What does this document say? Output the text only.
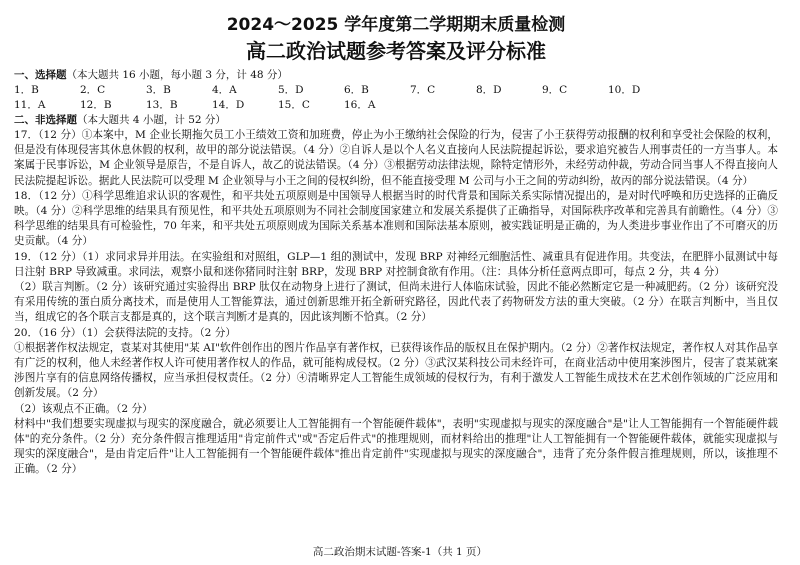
2024～2025 学年度第二学期期末质量检测
高二政治试题参考答案及评分标准
一、选择题（本大题共 16 小题，每小题 3 分，计 48 分）
1．B	2．C	3．B	4．A	5．D	6．B	7．C	8．D	9．C	10．D
11．A	12．B	13．B	14．D	15．C	16．A
二、非选择题（本大题共 4 小题，计 52 分）

17．（12 分）①本案中，M 企业长期拖欠员工小王绩效工资和加班费，停止为小王缴纳社会保险的行为，侵害了小王获得劳动报酬的权利和享受社会保险的权利，但是没有体现侵害其休息休假的权利，故甲的部分说法错误。（4 分）②自诉人是以个人名义直接向人民法院提起诉讼，要求追究被告人刑事责任的一方当事人。本案属于民事诉讼，M 企业领导是原告，不是自诉人，故乙的说法错误。（4 分）③根据劳动法律法规，除特定情形外，未经劳动仲裁，劳动合同当事人不得直接向人民法院提起诉讼。据此人民法院可以受理 M 企业领导与小王之间的侵权纠纷，但不能直接受理 M 公司与小王之间的劳动纠纷，故丙的部分说法错误。（4 分）

18．（12 分）①科学思维追求认识的客观性，和平共处五项原则是中国领导人根据当时的时代背景和国际关系实际情况提出的，是对时代呼唤和历史选择的正确反映。（4 分）②科学思维的结果具有预见性，和平共处五项原则为不同社会制度国家建立和发展关系提供了正确指导，对国际秩序改革和完善具有前瞻性。（4 分）③科学思维的结果具有可检验性，70 年来，和平共处五项原则成为国际关系基本准则和国际法基本原则，被实践证明是正确的，为人类进步事业作出了不可磨灭的历史贡献。（4 分）

19．（12 分）（1）求同求异并用法。在实验组和对照组，GLP—1 组的测试中，发现 BRP 对神经元细胞活性、减重具有促进作用。共变法，在肥胖小鼠测试中每日注射 BRP 导致减重。求同法，观察小鼠和迷你猪同时注射 BRP，发现 BRP 对控制食欲有作用。（注：具体分析任意两点即可，每点 2 分，共 4 分）

（2）联言判断。（2 分）该研究通过实验得出 BRP 肽仅在动物身上进行了测试，但尚未进行人体临床试验，因此不能必然断定它是一种减肥药。（2 分）该研究没有采用传统的蛋白质分离技术，而是使用人工智能算法，通过创新思维开拓全新研究路径，因此代表了药物研发方法的重大突破。（2 分）在联言判断中，当且仅当，组成它的各个联言支都是真的，这个联言判断才是真的，因此该判断不恰真。（2 分）

20．（16 分）（1）会获得法院的支持。（2 分）

①根据著作权法规定，袁某对其使用"某 AI"软件创作出的图片作品享有著作权，已获得该作品的版权且在保护期内。（2 分）②著作权法规定，著作权人对其作品享有广泛的权利，他人未经著作权人许可使用著作权人的作品，就可能构成侵权。（2 分）③武汉某科技公司未经许可，在商业活动中使用案涉图片，侵害了袁某就案涉图片享有的信息网络传播权，应当承担侵权责任。（2 分）④清晰界定人工智能生成领域的侵权行为，有利于激发人工智能生成技术在艺术创作领域的广泛应用和创新发展。（2 分）

（2）该观点不正确。（2 分）

材料中"我们想要实现虚拟与现实的深度融合，就必须要让人工智能拥有一个智能硬件载体"，表明"实现虚拟与现实的深度融合"是"让人工智能拥有一个智能硬件载体"的充分条件。（2 分）充分条件假言推理适用"肯定前件式"或"否定后件式"的推理规则，而材料给出的推理"让人工智能拥有一个智能硬件载体，就能实现虚拟与现实的深度融合"，是由肯定后件"让人工智能拥有一个智能硬件载体"推出肯定前件"实现虚拟与现实的深度融合"，违背了充分条件假言推理规则，所以，该推理不正确。（2 分）

高二政治期末试题-答案-1（共 1 页）
